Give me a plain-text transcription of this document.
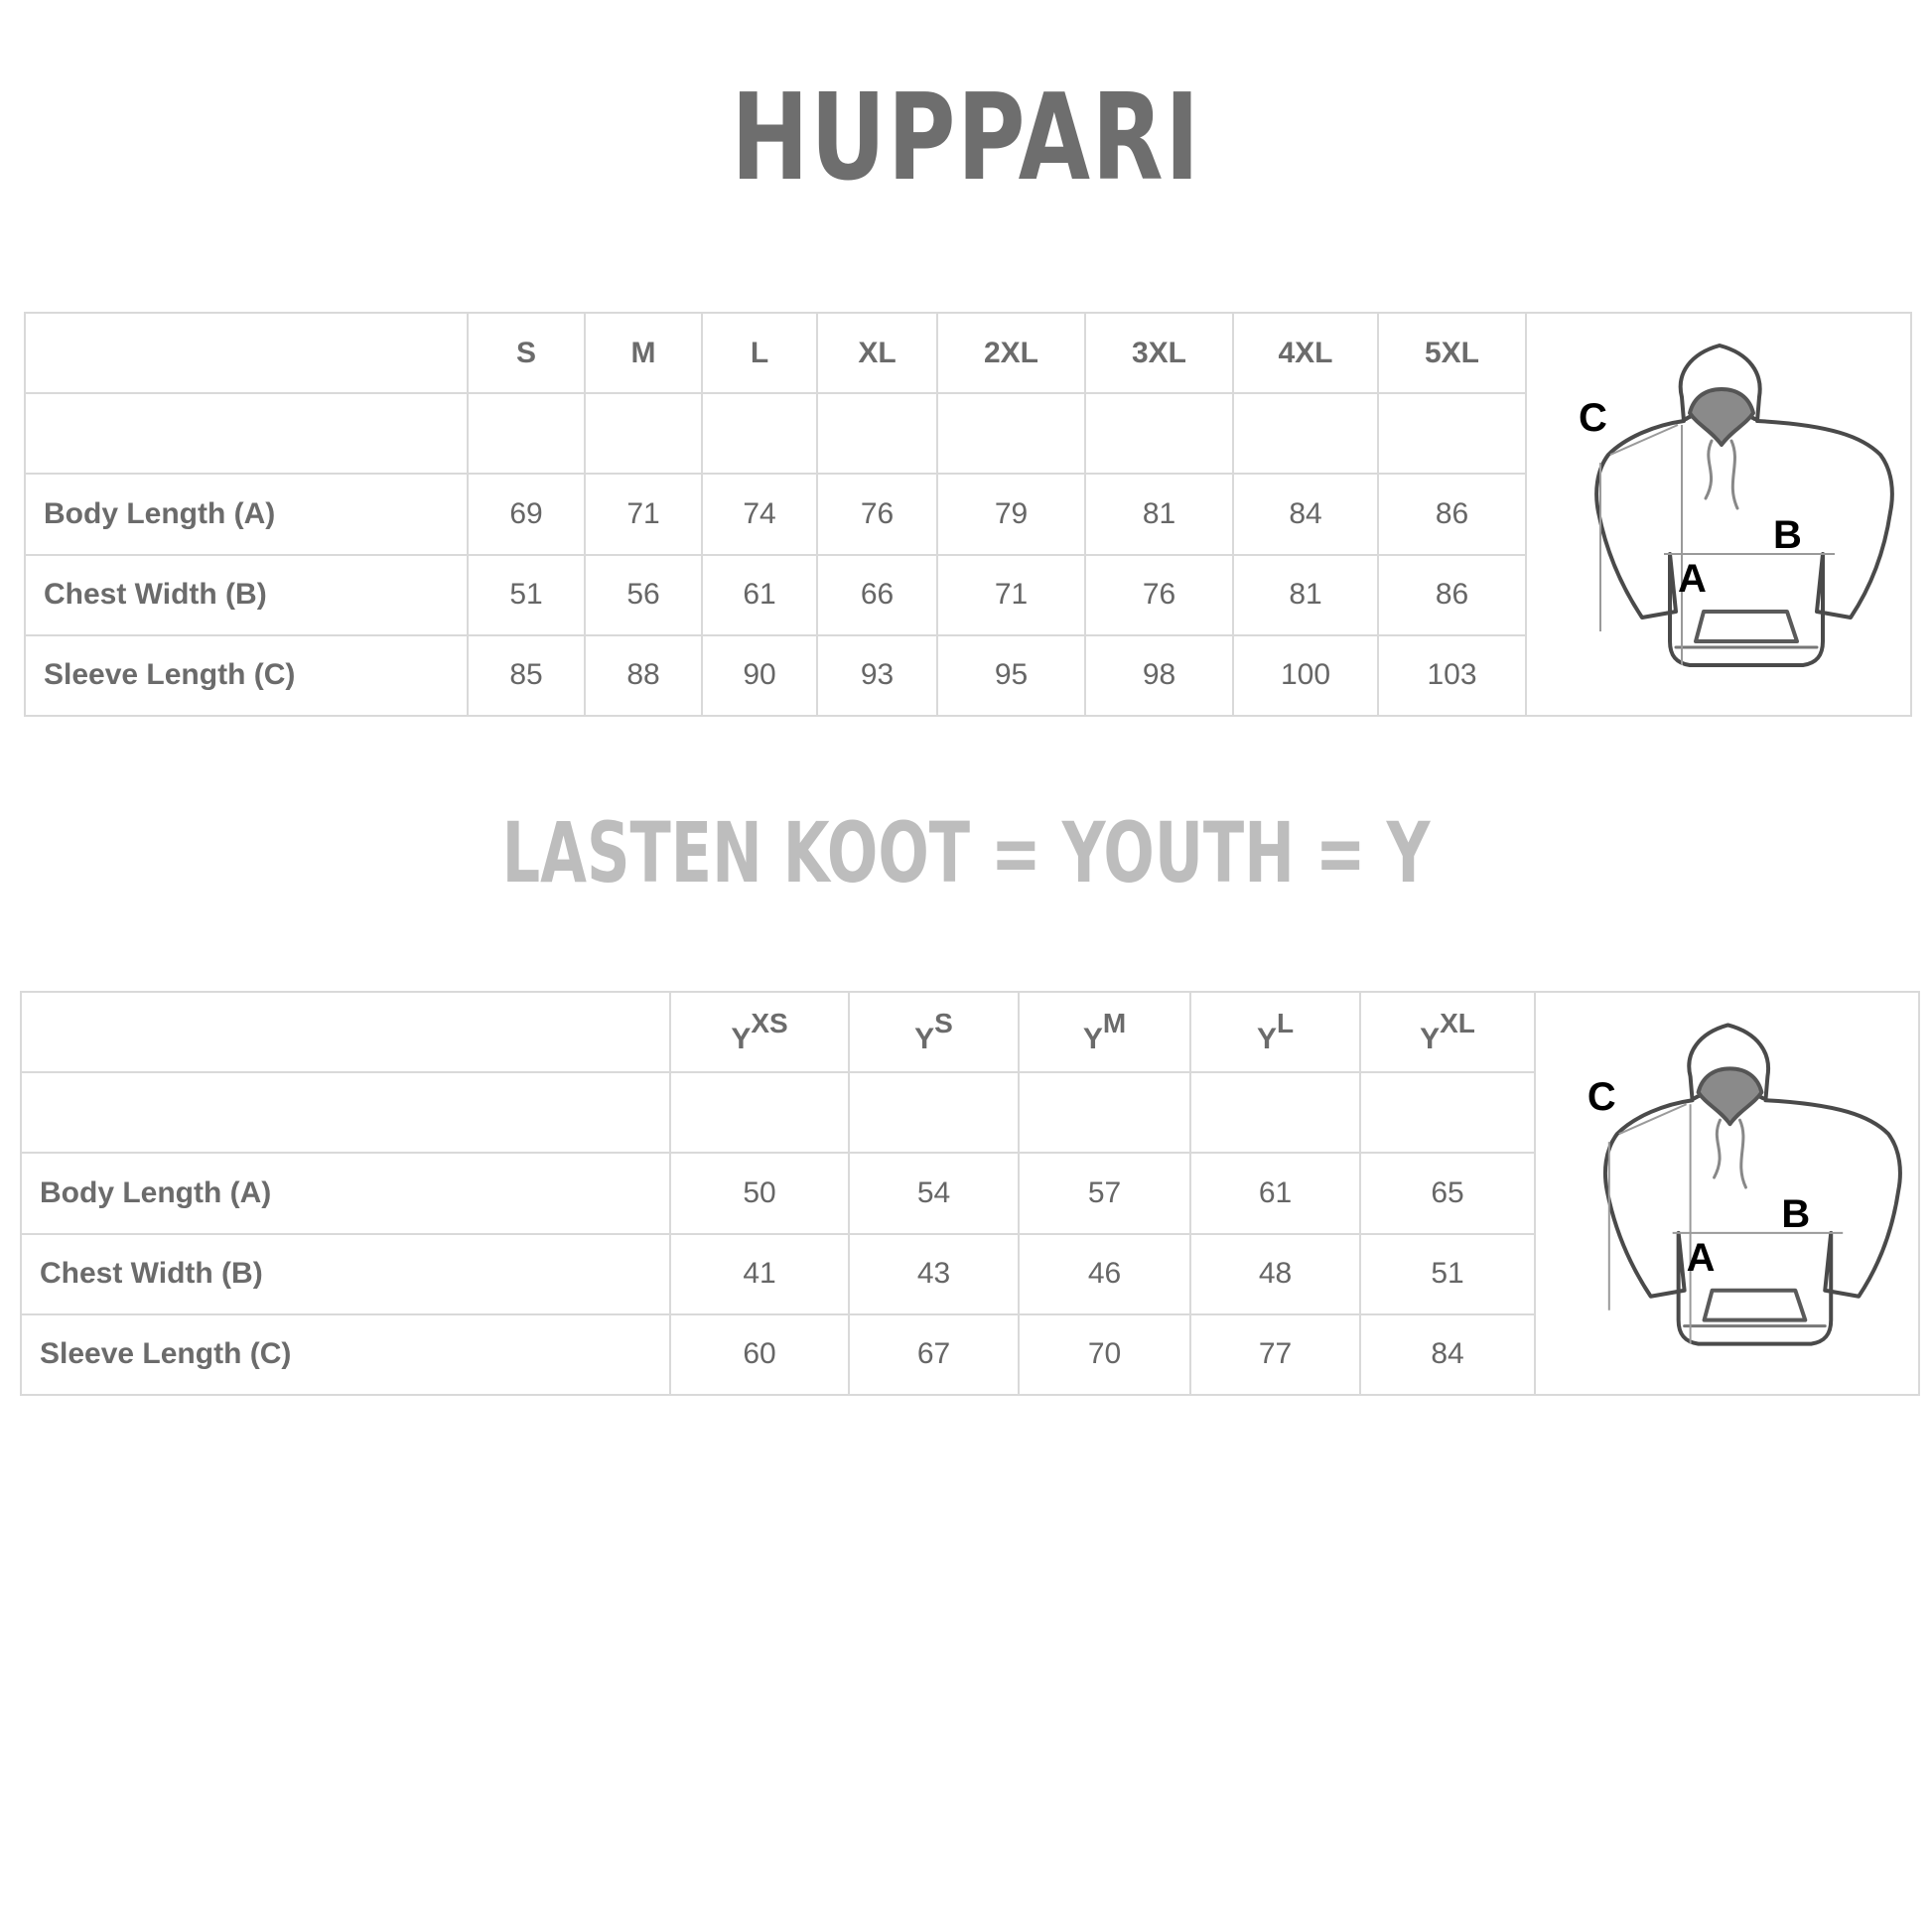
HUPPARI
	S	M	L	XL	2XL	3XL	4XL	5XL	C
B
A

Body Length (A)	69	71	74	76	79	81	84	86	
Chest Width (B)	51	56	61	66	71	76	81	86	
Sleeve Length (C)	85	88	90	93	95	98	100	103	
LASTEN KOOT = YOUTH = Y
	YXS	YS	YM	YL	YXL	C
B
A

Body Length (A)	50	54	57	61	65	
Chest Width (B)	41	43	46	48	51	
Sleeve Length (C)	60	67	70	77	84	
